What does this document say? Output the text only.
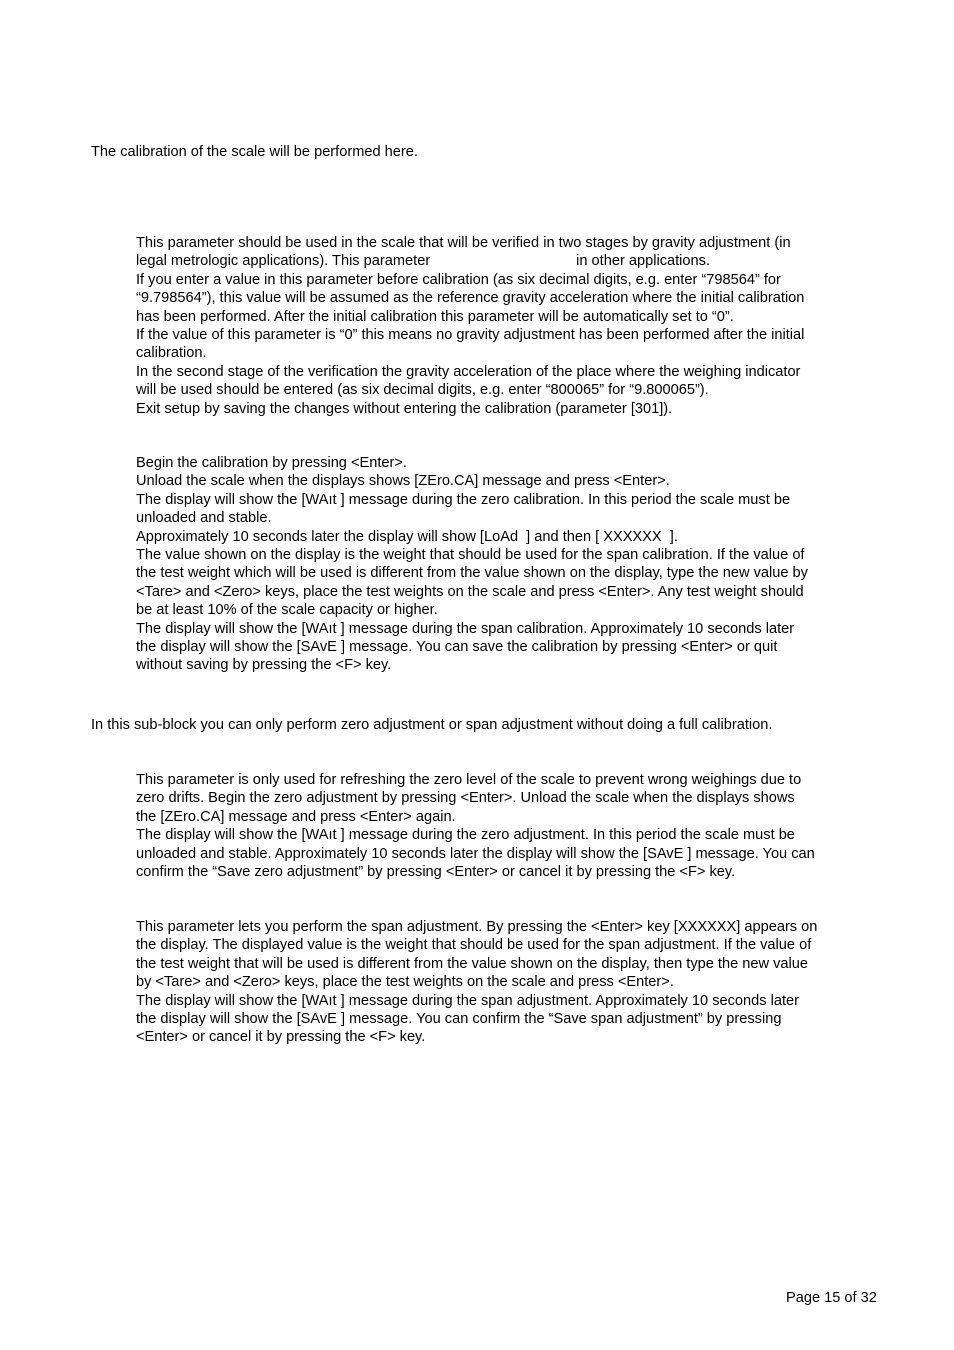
The calibration of the scale will be performed here.

This parameter should be used in the scale that will be verified in two stages by gravity adjustment (in
legal metrologic applications). This parameter                                    in other applications.
If you enter a value in this parameter before calibration (as six decimal digits, e.g. enter “798564” for
“9.798564”), this value will be assumed as the reference gravity acceleration where the initial calibration
has been performed. After the initial calibration this parameter will be automatically set to “0”.
If the value of this parameter is “0” this means no gravity adjustment has been performed after the initial
calibration.
In the second stage of the verification the gravity acceleration of the place where the weighing indicator
will be used should be entered (as six decimal digits, e.g. enter “800065” for “9.800065”).
Exit setup by saving the changes without entering the calibration (parameter [301]).

Begin the calibration by pressing <Enter>.
Unload the scale when the displays shows [ZEro.CA] message and press <Enter>.
The display will show the [WAıt ] message during the zero calibration. In this period the scale must be
unloaded and stable.
Approximately 10 seconds later the display will show [LoAd  ] and then [ XXXXXX  ].
The value shown on the display is the weight that should be used for the span calibration. If the value of
the test weight which will be used is different from the value shown on the display, type the new value by
<Tare> and <Zero> keys, place the test weights on the scale and press <Enter>. Any test weight should
be at least 10% of the scale capacity or higher.
The display will show the [WAıt ] message during the span calibration. Approximately 10 seconds later
the display will show the [SAvE ] message. You can save the calibration by pressing <Enter> or quit
without saving by pressing the <F> key.

In this sub-block you can only perform zero adjustment or span adjustment without doing a full calibration.

This parameter is only used for refreshing the zero level of the scale to prevent wrong weighings due to
zero drifts. Begin the zero adjustment by pressing <Enter>. Unload the scale when the displays shows
the [ZEro.CA] message and press <Enter> again.
The display will show the [WAıt ] message during the zero adjustment. In this period the scale must be
unloaded and stable. Approximately 10 seconds later the display will show the [SAvE ] message. You can
confirm the “Save zero adjustment” by pressing <Enter> or cancel it by pressing the <F> key.

This parameter lets you perform the span adjustment. By pressing the <Enter> key [XXXXXX] appears on
the display. The displayed value is the weight that should be used for the span adjustment. If the value of
the test weight that will be used is different from the value shown on the display, then type the new value
by <Tare> and <Zero> keys, place the test weights on the scale and press <Enter>.
The display will show the [WAıt ] message during the span adjustment. Approximately 10 seconds later
the display will show the [SAvE ] message. You can confirm the “Save span adjustment” by pressing
<Enter> or cancel it by pressing the <F> key.

Page 15 of 32
